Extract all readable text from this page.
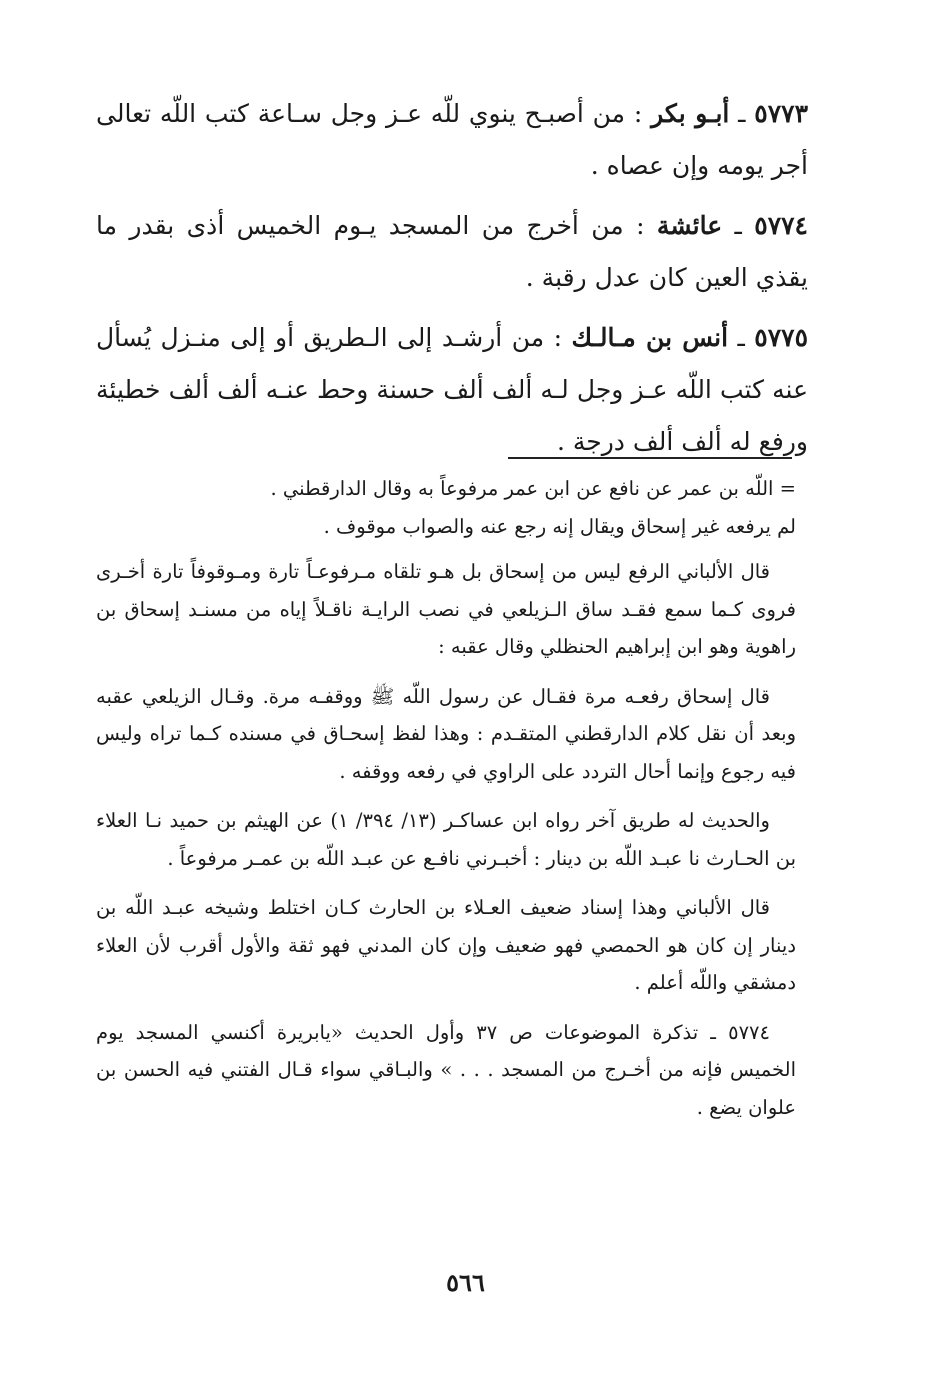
٥٧٧٣ ـ أبـو بكر : من أصبـح ينوي للّه عـز وجل سـاعة كتب اللّه تعالى أجر يومه وإن عصاه .

٥٧٧٤ ـ عائشة : من أخرج من المسجد يـوم الخميس أذى بقدر ما يقذي العين كان عدل رقبة .

٥٧٧٥ ـ أنس بن مـالـك : من أرشـد إلى الـطريق أو إلى منـزل يُسأل عنه كتب اللّه عـز وجل لـه ألف ألف حسنة وحط عنـه ألف ألف خطيئة ورفع له ألف ألف درجة .

= اللّه بن عمر عن نافع عن ابن عمر مرفوعاً به وقال الدارقطني .
لم يرفعه غير إسحاق ويقال إنه رجع عنه والصواب موقوف .

قال الألباني الرفع ليس من إسحاق بل هـو تلقاه مـرفوعـاً تارة ومـوقوفاً تارة أخـرى فروى كـما سمع فقـد ساق الـزيلعي في نصب الرايـة ناقـلاً إياه من مسنـد إسحاق بن راهوية وهو ابن إبراهيم الحنظلي وقال عقبه :

قال إسحاق رفعـه مرة فقـال عن رسول اللّه ﷺ ووقفـه مرة. وقـال الزيلعي عقبه وبعد أن نقل كلام الدارقطني المتقـدم : وهذا لفظ إسحـاق في مسنده كـما تراه وليس فيه رجوع وإنما أحال التردد على الراوي في رفعه ووقفه .

والحديث له طريق آخر رواه ابن عساكـر (١٣/ ٣٩٤/ ١) عن الهيثم بن حميد نـا العلاء بن الحـارث نا عبـد اللّه بن دينار : أخبـرني نافـع عن عبـد اللّه بن عمـر مرفوعاً .

قال الألباني وهذا إسناد ضعيف العـلاء بن الحارث كـان اختلط وشيخه عبـد اللّه بن دينار إن كان هو الحمصي فهو ضعيف وإن كان المدني فهو ثقة والأول أقرب لأن العلاء دمشقي واللّه أعلم .

٥٧٧٤ ـ تذكرة الموضوعات ص ٣٧ وأول الحديث «يابريرة أكنسي المسجد يوم الخميس فإنه من أخـرج من المسجد . . . » والبـاقي سواء قـال الفتني فيه الحسن بن علوان يضع .

٥٦٦
